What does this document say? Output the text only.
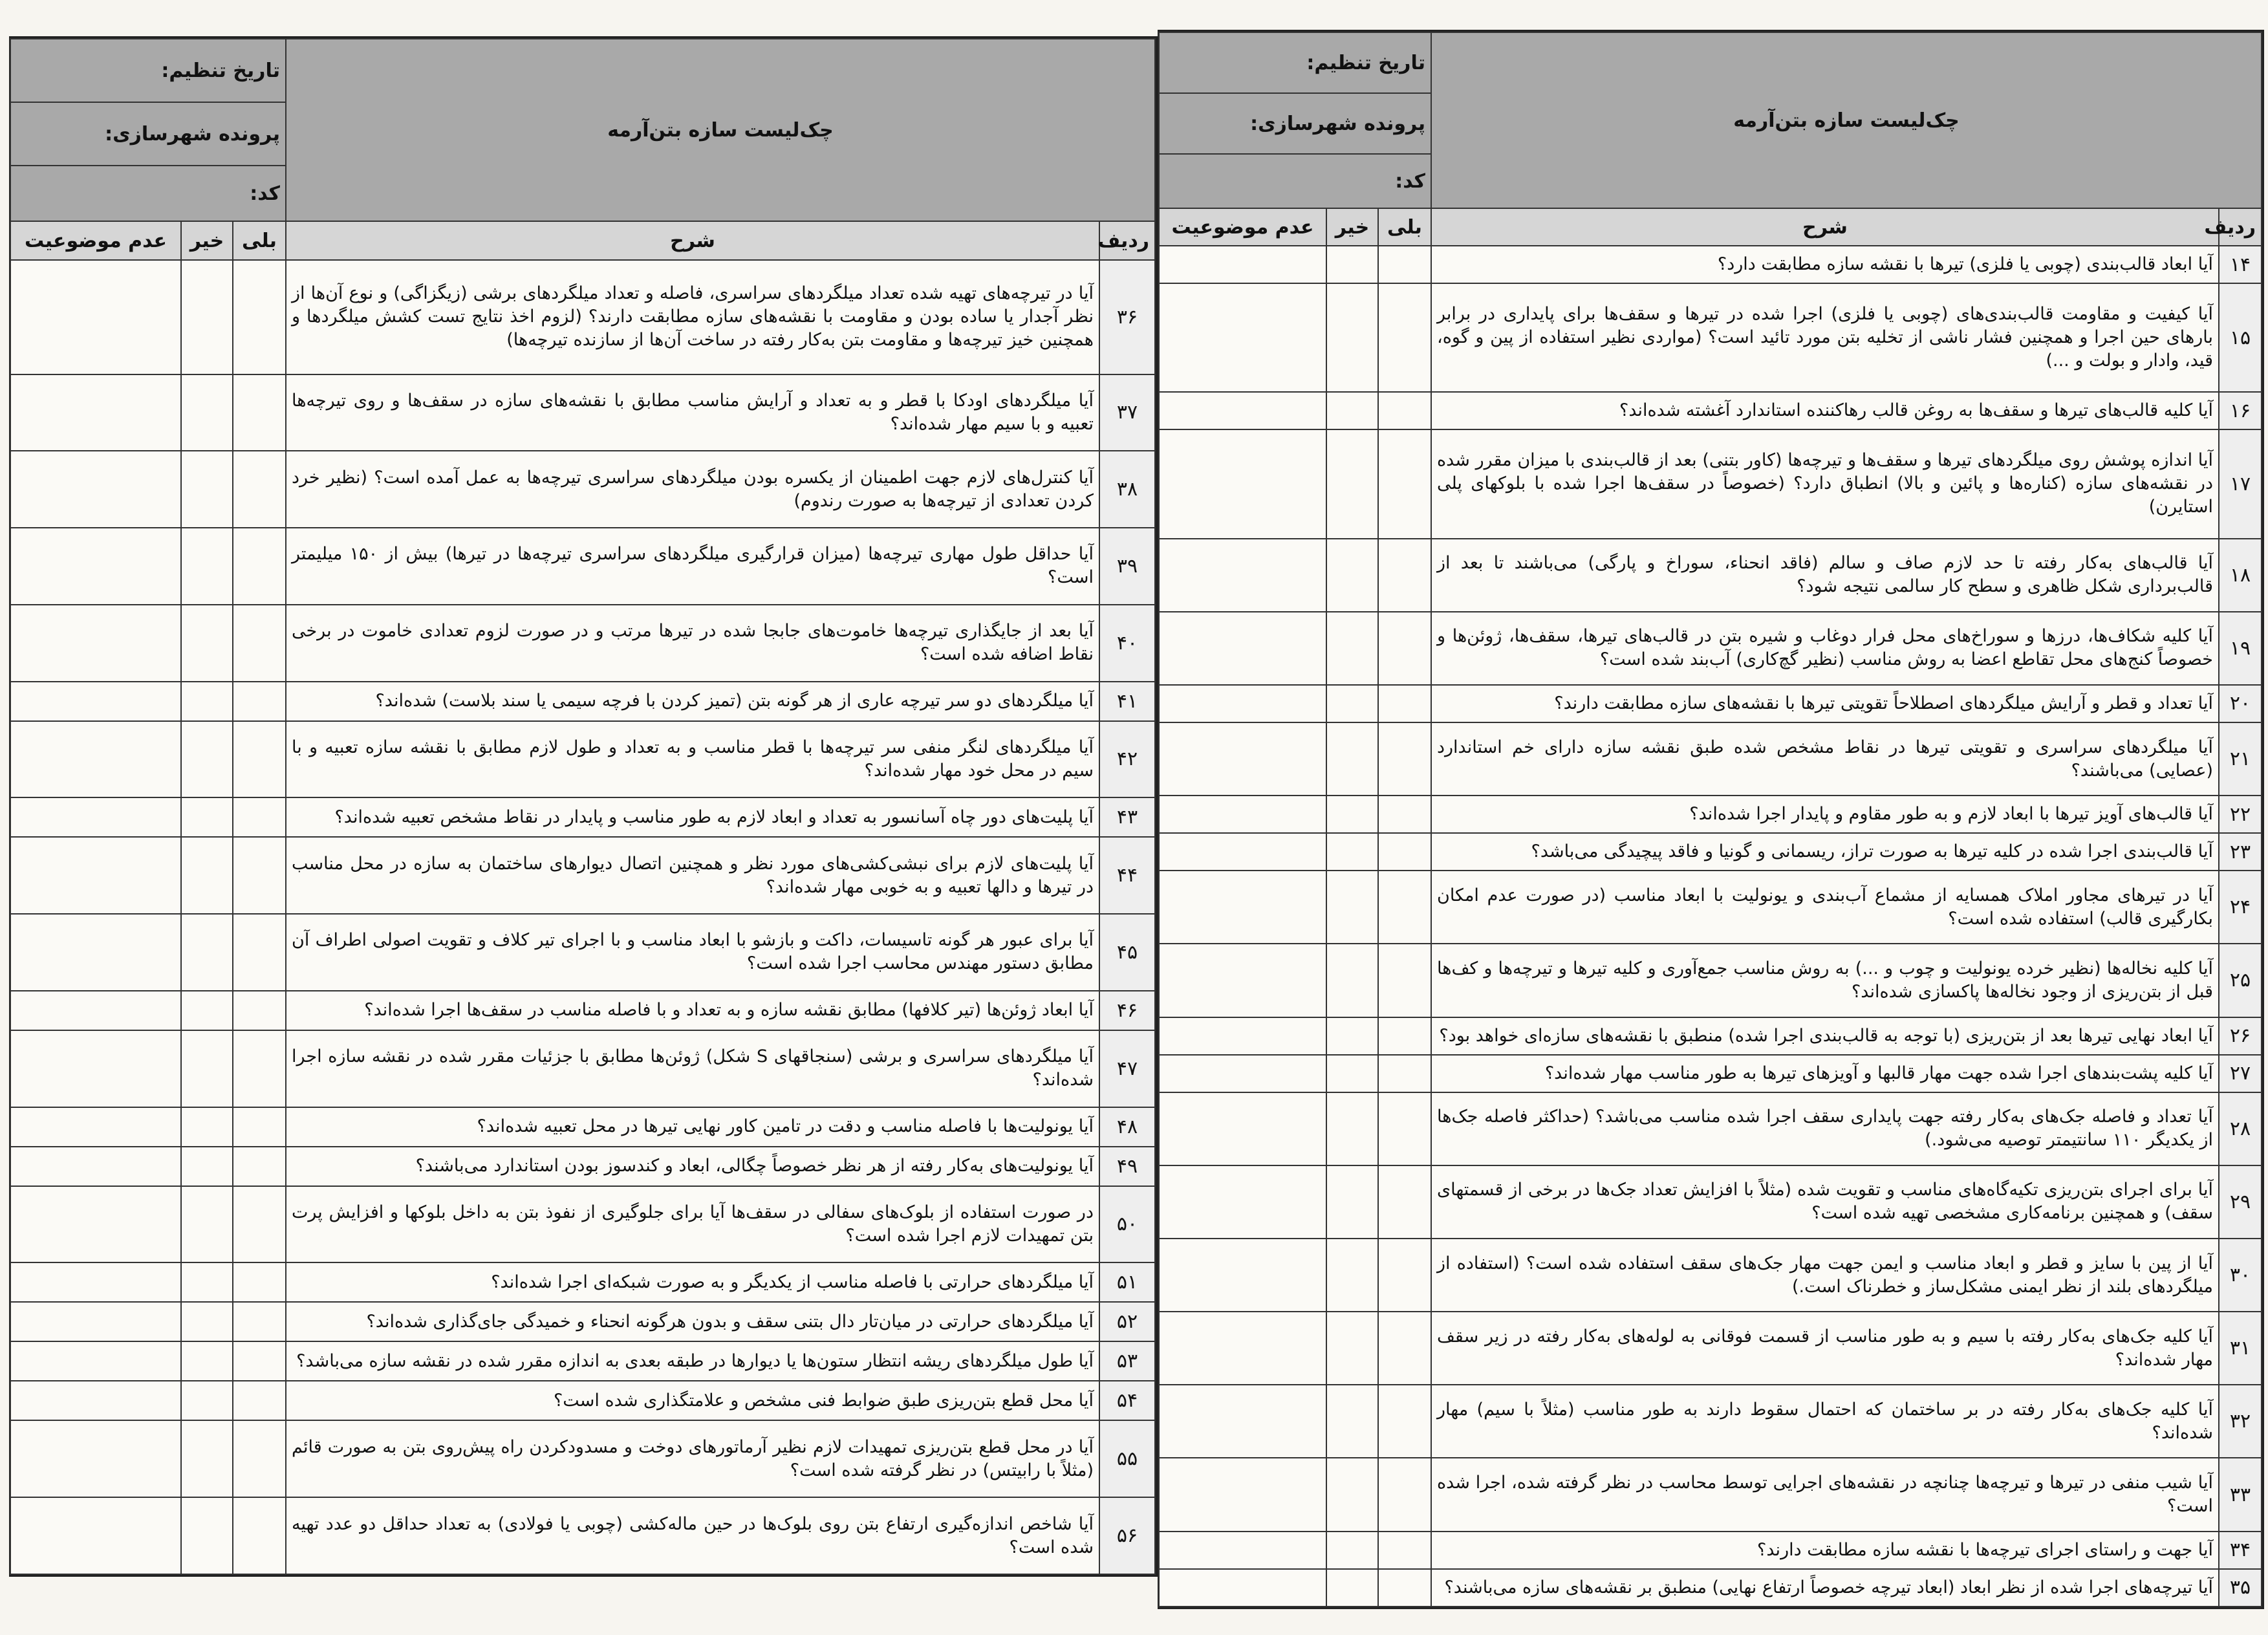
چک‌لیست سازه بتن‌آرمه		تاریخ تنظیم:		
		پرونده شهرسازی:		
		کد:		
ردیف	شرح	بلی	خیر	عدم موضوعیت
۳۶	آیا در تیرچه‌های تهیه شده تعداد میلگردهای سراسری، فاصله و تعداد میلگردهای برشی (زیگزاگی) و نوع آن‌ها از نظر آجدار یا ساده بودن و مقاومت با نقشه‌های سازه مطابقت دارند؟ (لزوم اخذ نتایج تست کشش میلگردها و همچنین خیز تیرچه‌ها و مقاومت بتن به‌کار رفته در ساخت آن‌ها از سازنده تیرچه‌ها)			
۳۷	آیا میلگردهای اودکا با قطر و به تعداد و آرایش مناسب مطابق با نقشه‌های سازه در سقف‌ها و روی تیرچه‌ها تعبیه و با سیم مهار شده‌اند؟			
۳۸	آیا کنترل‌های لازم جهت اطمینان از یکسره بودن میلگردهای سراسری تیرچه‌ها به عمل آمده است؟ (نظیر خرد کردن تعدادی از تیرچه‌ها به صورت رندوم)			
۳۹	آیا حداقل طول مهاری تیرچه‌ها (میزان قرارگیری میلگردهای سراسری تیرچه‌ها در تیرها) بیش از ۱۵۰ میلیمتر است؟			
۴۰	آیا بعد از جایگذاری تیرچه‌ها خاموت‌های جابجا شده در تیرها مرتب و در صورت لزوم تعدادی خاموت در برخی نقاط اضافه شده است؟			
۴۱	آیا میلگردهای دو سر تیرچه عاری از هر گونه بتن (تمیز کردن با فرچه سیمی یا سند بلاست) شده‌اند؟			
۴۲	آیا میلگردهای لنگر منفی سر تیرچه‌ها با قطر مناسب و به تعداد و طول لازم مطابق با نقشه سازه تعبیه و با سیم در محل خود مهار شده‌اند؟			
۴۳	آیا پلیت‌های دور چاه آسانسور به تعداد و ابعاد لازم به طور مناسب و پایدار در نقاط مشخص تعبیه شده‌اند؟			
۴۴	آیا پلیت‌های لازم برای نبشی‌کشی‌های مورد نظر و همچنین اتصال دیوارهای ساختمان به سازه در محل مناسب در تیرها و دالها تعبیه و به خوبی مهار شده‌اند؟			
۴۵	آیا برای عبور هر گونه تاسیسات، داکت و بازشو با ابعاد مناسب و با اجرای تیر کلاف و تقویت اصولی اطراف آن مطابق دستور مهندس محاسب اجرا شده است؟			
۴۶	آیا ابعاد ژوئن‌ها (تیر کلافها) مطابق نقشه سازه و به تعداد و با فاصله مناسب در سقف‌ها اجرا شده‌اند؟			
۴۷	آیا میلگردهای سراسری و برشی (سنجاقهای S شکل) ژوئن‌ها مطابق با جزئیات مقرر شده در نقشه سازه اجرا شده‌اند؟			
۴۸	آیا یونولیت‌ها با فاصله مناسب و دقت در تامین کاور نهایی تیرها در محل تعبیه شده‌اند؟			
۴۹	آیا یونولیت‌های به‌کار رفته از هر نظر خصوصاً چگالی، ابعاد و کندسوز بودن استاندارد می‌باشند؟			
۵۰	در صورت استفاده از بلوک‌های سفالی در سقف‌ها آیا برای جلوگیری از نفوذ بتن به داخل بلوکها و افزایش پرت بتن تمهیدات لازم اجرا شده است؟			
۵۱	آیا میلگردهای حرارتی با فاصله مناسب از یکدیگر و به صورت شبکه‌ای اجرا شده‌اند؟			
۵۲	آیا میلگردهای حرارتی در میان‌تار دال بتنی سقف و بدون هرگونه انحناء و خمیدگی جای‌گذاری شده‌اند؟			
۵۳	آیا طول میلگردهای ریشه انتظار ستون‌ها یا دیوارها در طبقه بعدی به اندازه مقرر شده در نقشه سازه می‌باشد؟			
۵۴	آیا محل قطع بتن‌ریزی طبق ضوابط فنی مشخص و علامتگذاری شده است؟			
۵۵	آیا در محل قطع بتن‌ریزی تمهیدات لازم نظیر آرماتورهای دوخت و مسدودکردن راه پیش‌روی بتن به صورت قائم (مثلاً با رابیتس) در نظر گرفته شده است؟			
۵۶	آیا شاخص اندازه‌گیری ارتفاع بتن روی بلوک‌ها در حین ماله‌کشی (چوبی یا فولادی) به تعداد حداقل دو عدد تهیه شده است؟			
چک‌لیست سازه بتن‌آرمه		تاریخ تنظیم:		
		پرونده شهرسازی:		
		کد:		
ردیف	شرح	بلی	خیر	عدم موضوعیت
۱۴	آیا ابعاد قالب‌بندی (چوبی یا فلزی) تیرها با نقشه سازه مطابقت دارد؟			
۱۵	آیا کیفیت و مقاومت قالب‌بندی‌های (چوبی یا فلزی) اجرا شده در تیرها و سقف‌ها برای پایداری در برابر بارهای حین اجرا و همچنین فشار ناشی از تخلیه بتن مورد تائید است؟ (مواردی نظیر استفاده از پین و گوه، قید، وادار و بولت و ...)			
۱۶	آیا کلیه قالب‌های تیرها و سقف‌ها به روغن قالب رهاکننده استاندارد آغشته شده‌اند؟			
۱۷	آیا اندازه پوشش روی میلگردهای تیرها و سقف‌ها و تیرچه‌ها (کاور بتنی) بعد از قالب‌بندی با میزان مقرر شده در نقشه‌های سازه (کناره‌ها و پائین و بالا) انطباق دارد؟ (خصوصاً در سقف‌ها اجرا شده با بلوکهای پلی استایرن)			
۱۸	آیا قالب‌های به‌کار رفته تا حد لازم صاف و سالم (فاقد انحناء، سوراخ و پارگی) می‌باشند تا بعد از قالب‌برداری شکل ظاهری و سطح کار سالمی نتیجه شود؟			
۱۹	آیا کلیه شکاف‌ها، درزها و سوراخ‌های محل فرار دوغاب و شیره بتن در قالب‌های تیرها، سقف‌ها، ژوئن‌ها و خصوصاً کنج‌های محل تقاطع اعضا به روش مناسب (نظیر گچ‌کاری) آب‌بند شده است؟			
۲۰	آیا تعداد و قطر و آرایش میلگردهای اصطلاحاً تقویتی تیرها با نقشه‌های سازه مطابقت دارند؟			
۲۱	آیا میلگردهای سراسری و تقویتی تیرها در نقاط مشخص شده طبق نقشه سازه دارای خم استاندارد (عصایی) می‌باشند؟			
۲۲	آیا قالب‌های آویز تیرها با ابعاد لازم و به طور مقاوم و پایدار اجرا شده‌اند؟			
۲۳	آیا قالب‌بندی اجرا شده در کلیه تیرها به صورت تراز، ریسمانی و گونیا و فاقد پیچیدگی می‌باشد؟			
۲۴	آیا در تیرهای مجاور املاک همسایه از مشماع آب‌بندی و یونولیت با ابعاد مناسب (در صورت عدم امکان بکارگیری قالب) استفاده شده است؟			
۲۵	آیا کلیه نخاله‌ها (نظیر خرده یونولیت و چوب و ...) به روش مناسب جمع‌آوری و کلیه تیرها و تیرچه‌ها و کف‌ها قبل از بتن‌ریزی از وجود نخاله‌ها پاکسازی شده‌اند؟			
۲۶	آیا ابعاد نهایی تیرها بعد از بتن‌ریزی (با توجه به قالب‌بندی اجرا شده) منطبق با نقشه‌های سازه‌ای خواهد بود؟			
۲۷	آیا کلیه پشت‌بندهای اجرا شده جهت مهار قالبها و آویزهای تیرها به طور مناسب مهار شده‌اند؟			
۲۸	آیا تعداد و فاصله جک‌های به‌کار رفته جهت پایداری سقف اجرا شده مناسب می‌باشد؟ (حداکثر فاصله جک‌ها از یکدیگر ۱۱۰ سانتیمتر توصیه می‌شود.)			
۲۹	آیا برای اجرای بتن‌ریزی تکیه‌گاه‌های مناسب و تقویت شده (مثلاً با افزایش تعداد جک‌ها در برخی از قسمتهای سقف) و همچنین برنامه‌کاری مشخصی تهیه شده است؟			
۳۰	آیا از پین با سایز و قطر و ابعاد مناسب و ایمن جهت مهار جک‌های سقف استفاده شده است؟ (استفاده از میلگردهای بلند از نظر ایمنی مشکل‌ساز و خطرناک است.)			
۳۱	آیا کلیه جک‌های به‌کار رفته با سیم و به طور مناسب از قسمت فوقانی به لوله‌های به‌کار رفته در زیر سقف مهار شده‌اند؟			
۳۲	آیا کلیه جک‌های به‌کار رفته در بر ساختمان که احتمال سقوط دارند به طور مناسب (مثلاً با سیم) مهار شده‌اند؟			
۳۳	آیا شیب منفی در تیرها و تیرچه‌ها چنانچه در نقشه‌های اجرایی توسط محاسب در نظر گرفته شده، اجرا شده است؟			
۳۴	آیا جهت و راستای اجرای تیرچه‌ها با نقشه سازه مطابقت دارند؟			
۳۵	آیا تیرچه‌های اجرا شده از نظر ابعاد (ابعاد تیرچه خصوصاً ارتفاع نهایی) منطبق بر نقشه‌های سازه می‌باشند؟			
